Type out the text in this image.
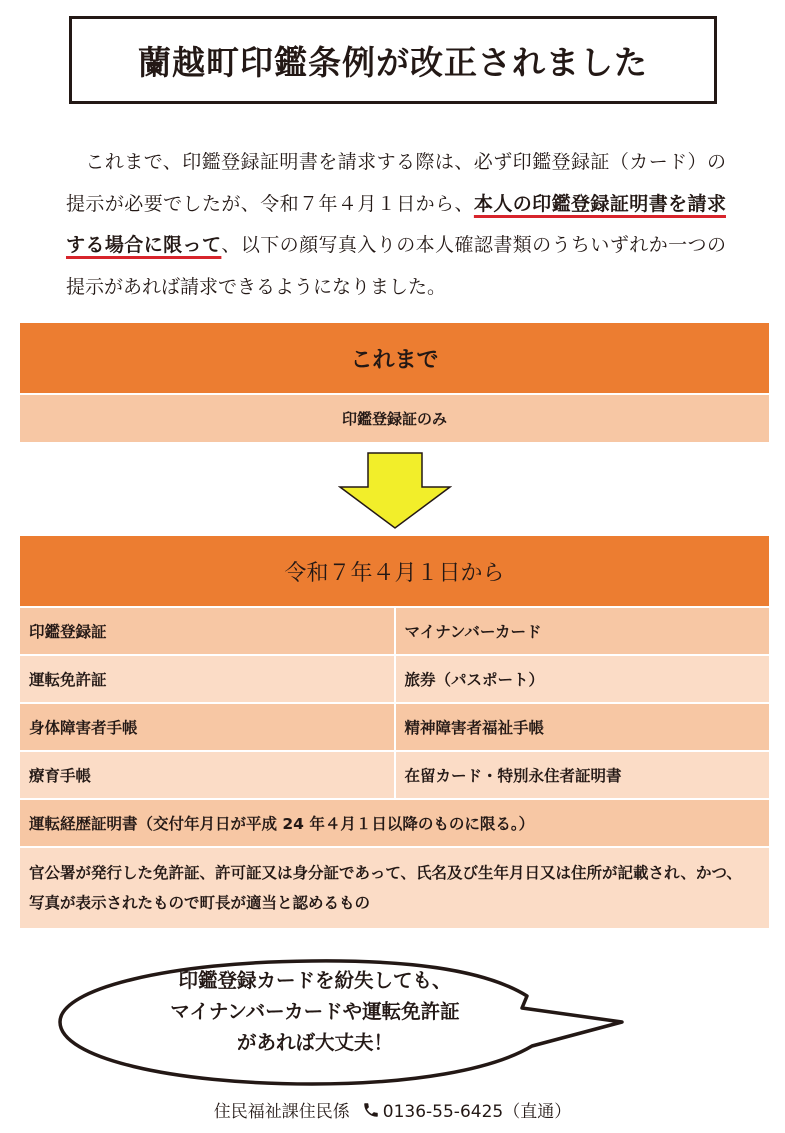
蘭越町印鑑条例が改正されました
　これまで、印鑑登録証明書を請求する際は、必ず印鑑登録証（カード）の提示が必要でしたが、令和７年４月１日から、本人の印鑑登録証明書を請求する場合に限って、以下の顔写真入りの本人確認書類のうちいずれか一つの提示があれば請求できるようになりました。
これまで
印鑑登録証のみ
令和７年４月１日から
印鑑登録証	マイナンバーカード
運転免許証	旅券（パスポート）
身体障害者手帳	精神障害者福祉手帳
療育手帳	在留カード・特別永住者証明書
運転経歴証明書（交付年月日が平成 24 年４月１日以降のものに限る。）
官公署が発行した免許証、許可証又は身分証であって、氏名及び生年月日又は住所が記載され、かつ、写真が表示されたもので町長が適当と認めるもの
印鑑登録カードを紛失しても、
マイナンバーカードや運転免許証
があれば大丈夫！
住民福祉課住民係 0136-55-6425（直通）
